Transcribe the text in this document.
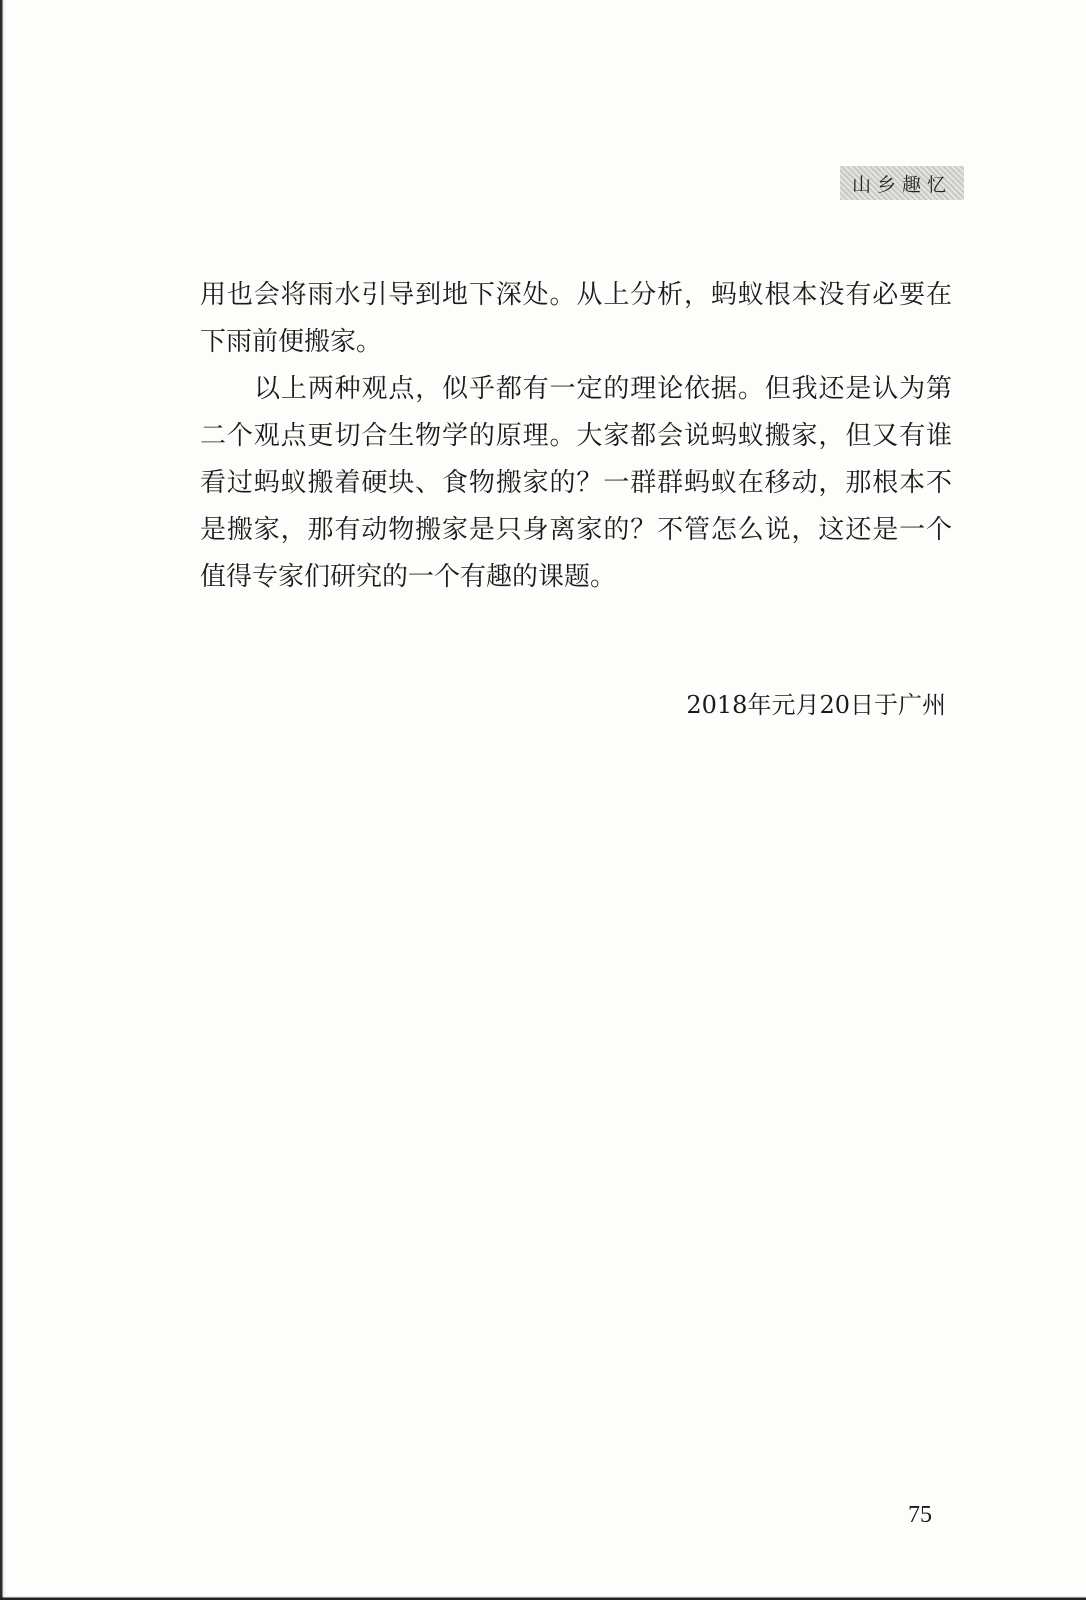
山乡趣忆

用也会将雨水引导到地下深处。从上分析，蚂蚁根本没有必要在下雨前便搬家。

以上两种观点，似乎都有一定的理论依据。但我还是认为第二个观点更切合生物学的原理。大家都会说蚂蚁搬家，但又有谁看过蚂蚁搬着硬块、食物搬家的？一群群蚂蚁在移动，那根本不是搬家，那有动物搬家是只身离家的？不管怎么说，这还是一个值得专家们研究的一个有趣的课题。

2018年元月20日于广州
75
